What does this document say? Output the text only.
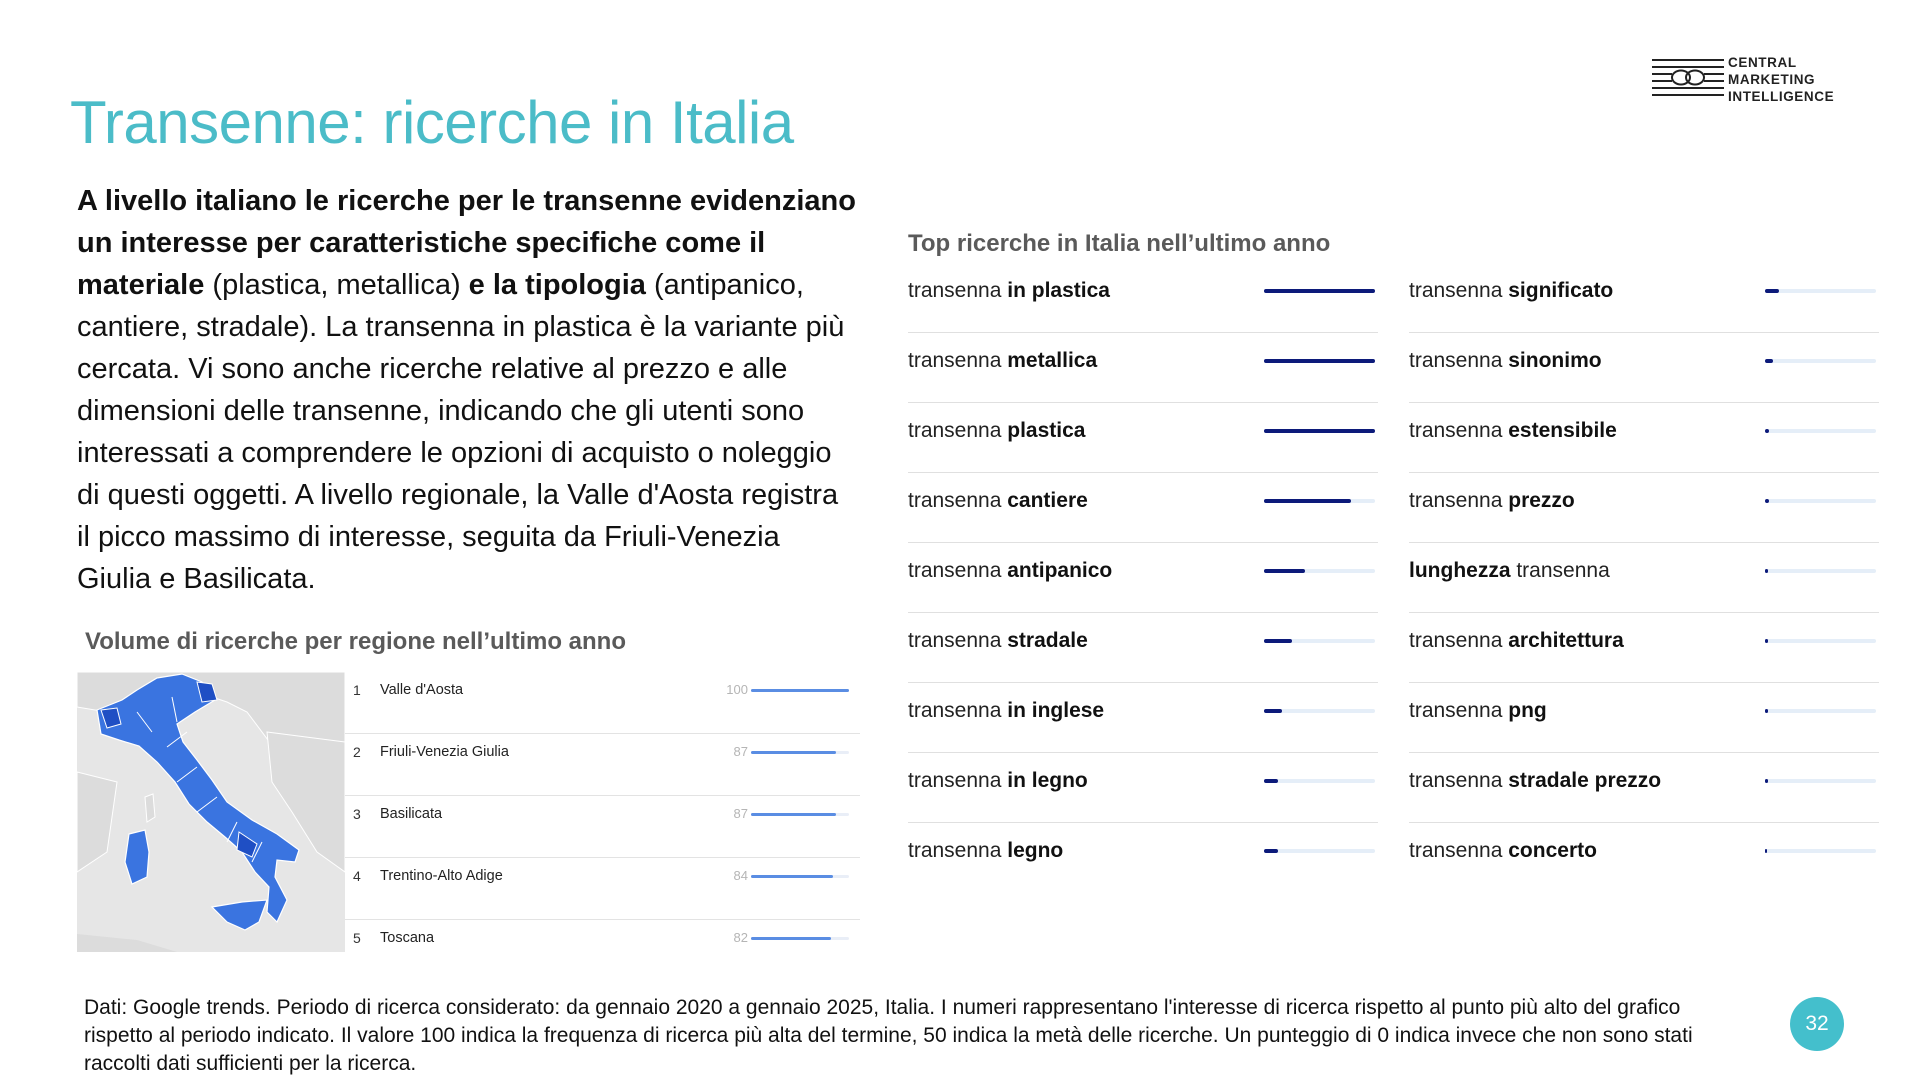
Transenne: ricerche in Italia
CENTRAL
MARKETING
INTELLIGENCE
A livello italiano le ricerche per le transenne evidenziano un interesse per caratteristiche specifiche come il materiale (plastica, metallica) e la tipologia (antipanico, cantiere, stradale). La transenna in plastica è la variante più cercata. Vi sono anche ricerche relative al prezzo e alle dimensioni delle transenne, indicando che gli utenti sono interessati a comprendere le opzioni di acquisto o noleggio di questi oggetti. A livello regionale, la Valle d'Aosta registra il picco massimo di interesse, seguita da Friuli-Venezia Giulia e Basilicata.
Volume di ricerche per regione nell’ultimo anno
1 Valle d'Aosta	100
2 Friuli-Venezia Giulia	87
3 Basilicata	87
4 Trentino-Alto Adige	84
5 Toscana	82
Top ricerche in Italia nell’ultimo anno
transenna in plastica
transenna metallica
transenna plastica
transenna cantiere
transenna antipanico
transenna stradale
transenna in inglese
transenna in legno
transenna legno
transenna significato
transenna sinonimo
transenna estensibile
transenna prezzo
lunghezza transenna
transenna architettura
transenna png
transenna stradale prezzo
transenna concerto
Dati: Google trends. Periodo di ricerca considerato: da gennaio 2020 a gennaio 2025, Italia. I numeri rappresentano l'interesse di ricerca rispetto al punto più alto del grafico rispetto al periodo indicato. Il valore 100 indica la frequenza di ricerca più alta del termine, 50 indica la metà delle ricerche. Un punteggio di 0 indica invece che non sono stati raccolti dati sufficienti per la ricerca.
32
